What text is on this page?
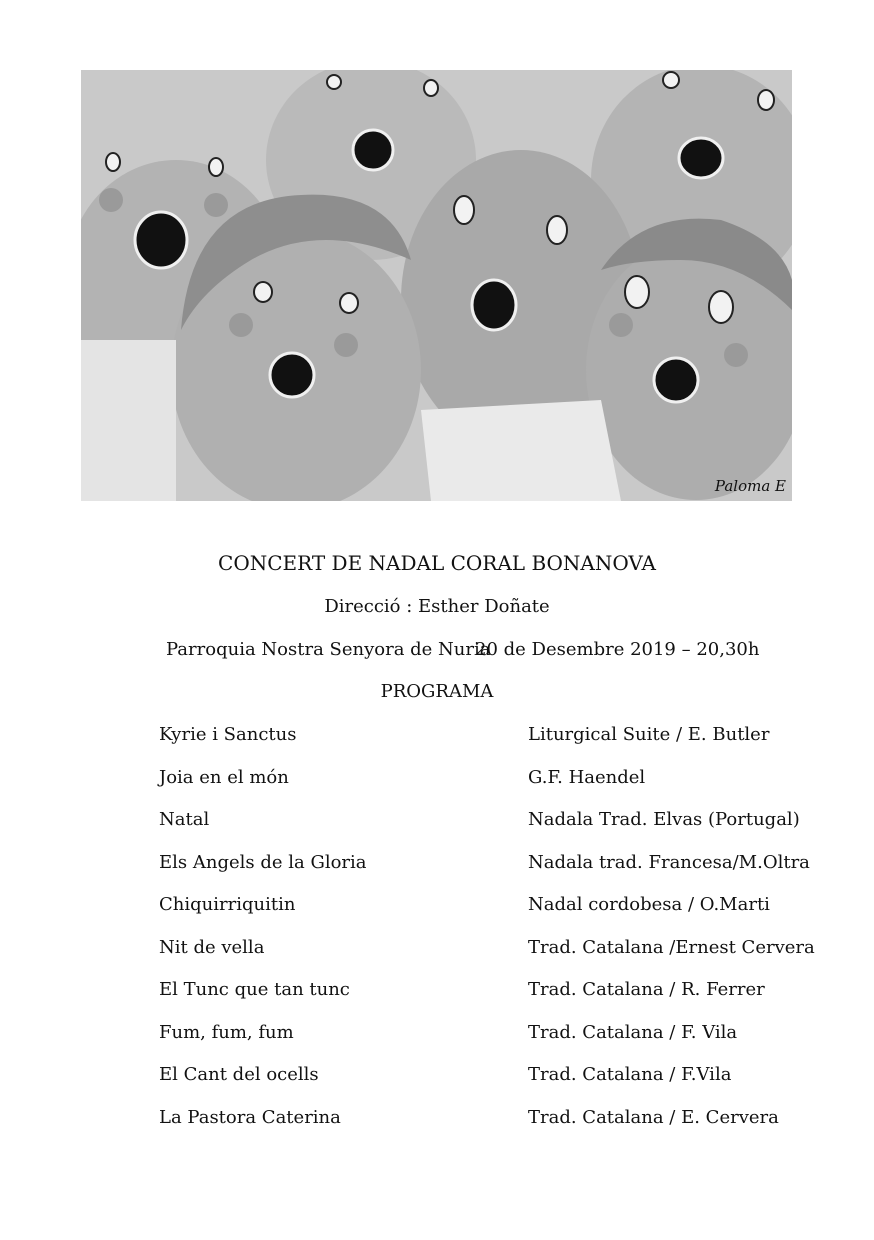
Paloma E
CONCERT DE NADAL CORAL BONANOVA
Direcció : Esther Doñate
Parroquia Nostra Senyora de Nuria
20 de Desembre 2019 – 20,30h
PROGRAMA
Kyrie i Sanctus	Liturgical Suite / E. Butler
Joia en el món	G.F. Haendel
Natal	Nadala Trad. Elvas (Portugal)
Els Angels de la Gloria	Nadala trad. Francesa/M.Oltra
Chiquirriquitin	Nadal cordobesa / O.Marti
Nit de vella	Trad. Catalana /Ernest Cervera
El Tunc que tan tunc	Trad. Catalana / R. Ferrer
Fum, fum, fum	Trad. Catalana / F. Vila
El Cant del ocells	Trad. Catalana / F.Vila
La Pastora Caterina	Trad. Catalana / E. Cervera
